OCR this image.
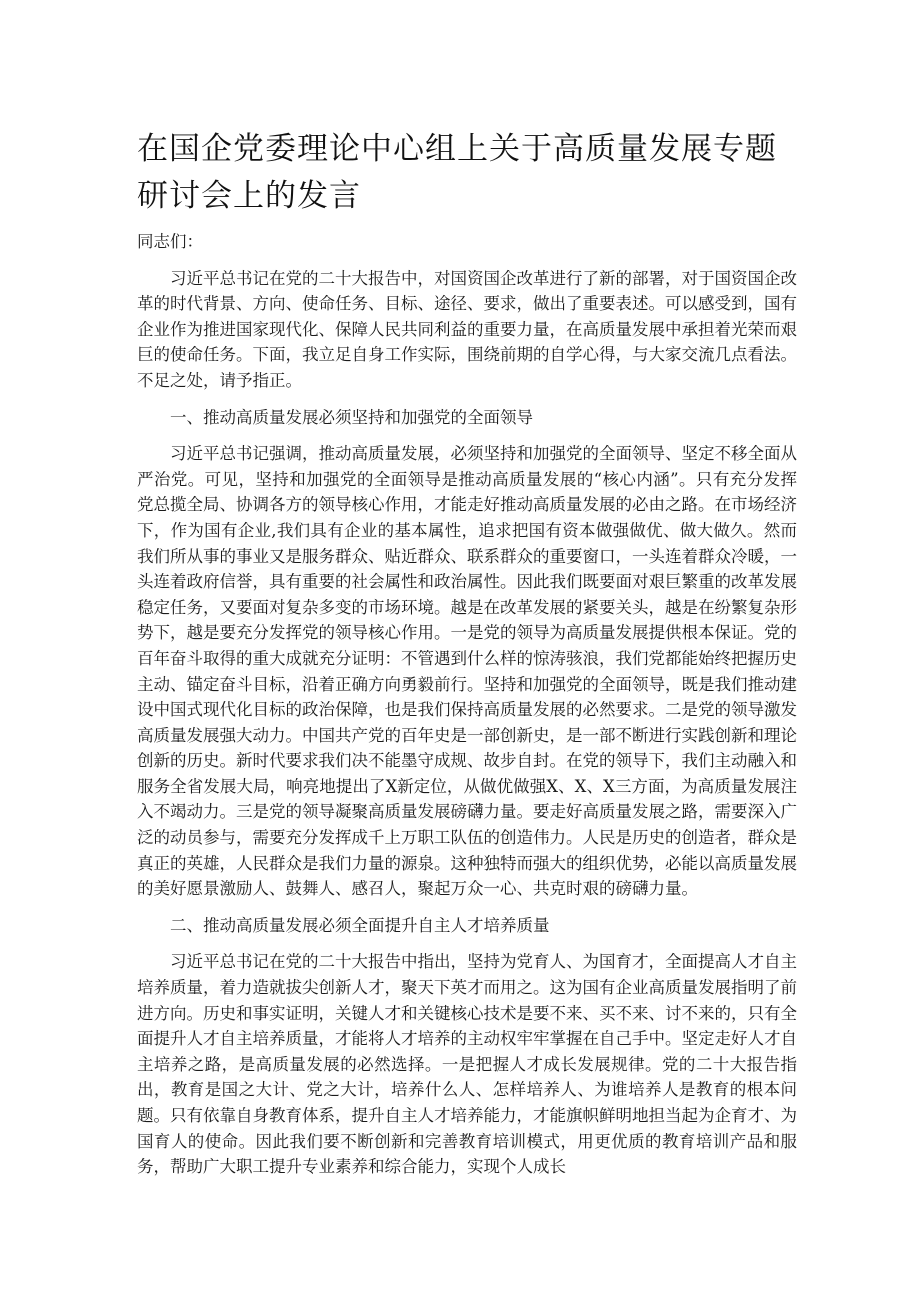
在国企党委理论中心组上关于高质量发展专题研讨会上的发言

同志们：

习近平总书记在党的二十大报告中，对国资国企改革进行了新的部署，对于国资国企改革的时代背景、方向、使命任务、目标、途径、要求，做出了重要表述。可以感受到，国有企业作为推进国家现代化、保障人民共同利益的重要力量，在高质量发展中承担着光荣而艰巨的使命任务。下面，我立足自身工作实际，围绕前期的自学心得，与大家交流几点看法。不足之处，请予指正。

一、推动高质量发展必须坚持和加强党的全面领导

习近平总书记强调，推动高质量发展，必须坚持和加强党的全面领导、坚定不移全面从严治党。可见，坚持和加强党的全面领导是推动高质量发展的“核心内涵”。只有充分发挥党总揽全局、协调各方的领导核心作用，才能走好推动高质量发展的必由之路。在市场经济下，作为国有企业,我们具有企业的基本属性，追求把国有资本做强做优、做大做久。然而我们所从事的事业又是服务群众、贴近群众、联系群众的重要窗口，一头连着群众冷暖，一头连着政府信誉，具有重要的社会属性和政治属性。因此我们既要面对艰巨繁重的改革发展稳定任务，又要面对复杂多变的市场环境。越是在改革发展的紧要关头，越是在纷繁复杂形势下，越是要充分发挥党的领导核心作用。一是党的领导为高质量发展提供根本保证。党的百年奋斗取得的重大成就充分证明：不管遇到什么样的惊涛骇浪，我们党都能始终把握历史主动、锚定奋斗目标，沿着正确方向勇毅前行。坚持和加强党的全面领导，既是我们推动建设中国式现代化目标的政治保障，也是我们保持高质量发展的必然要求。二是党的领导激发高质量发展强大动力。中国共产党的百年史是一部创新史，是一部不断进行实践创新和理论创新的历史。新时代要求我们决不能墨守成规、故步自封。在党的领导下，我们主动融入和服务全省发展大局，响亮地提出了X新定位，从做优做强X、X、X三方面，为高质量发展注入不竭动力。三是党的领导凝聚高质量发展磅礴力量。要走好高质量发展之路，需要深入广泛的动员参与，需要充分发挥成千上万职工队伍的创造伟力。人民是历史的创造者，群众是真正的英雄，人民群众是我们力量的源泉。这种独特而强大的组织优势，必能以高质量发展的美好愿景激励人、鼓舞人、感召人，聚起万众一心、共克时艰的磅礴力量。

二、推动高质量发展必须全面提升自主人才培养质量

习近平总书记在党的二十大报告中指出，坚持为党育人、为国育才，全面提高人才自主培养质量，着力造就拔尖创新人才，聚天下英才而用之。这为国有企业高质量发展指明了前进方向。历史和事实证明，关键人才和关键核心技术是要不来、买不来、讨不来的，只有全面提升人才自主培养质量，才能将人才培养的主动权牢牢掌握在自己手中。坚定走好人才自主培养之路，是高质量发展的必然选择。一是把握人才成长发展规律。党的二十大报告指出，教育是国之大计、党之大计，培养什么人、怎样培养人、为谁培养人是教育的根本问题。只有依靠自身教育体系，提升自主人才培养能力，才能旗帜鲜明地担当起为企育才、为国育人的使命。因此我们要不断创新和完善教育培训模式，用更优质的教育培训产品和服务，帮助广大职工提升专业素养和综合能力，实现个人成长
